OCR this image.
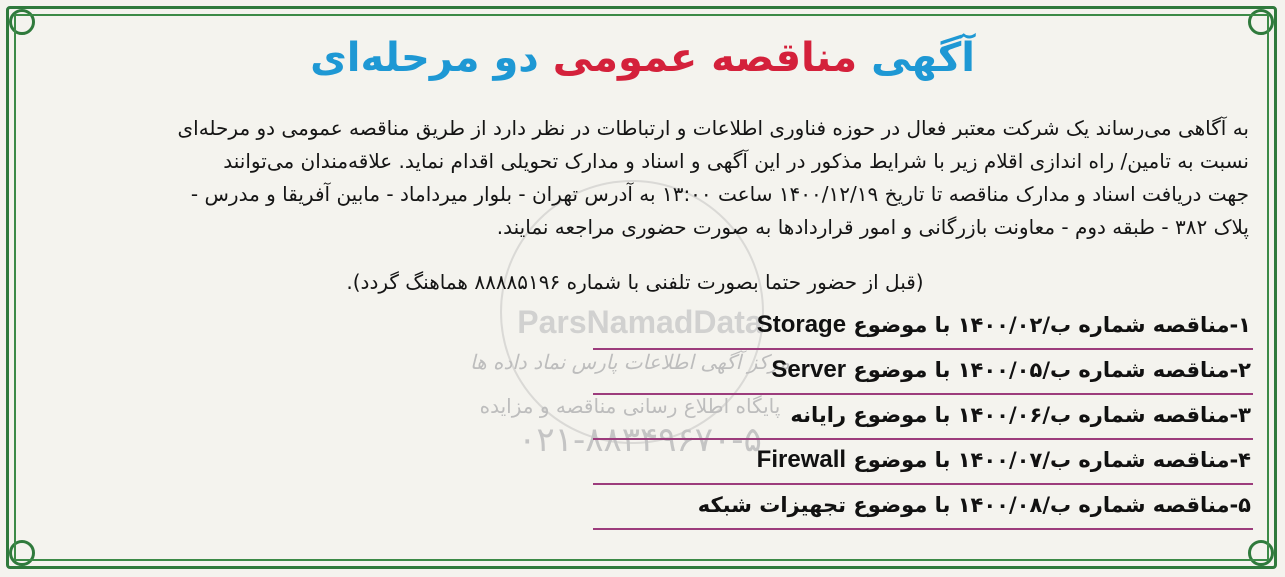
ParsNamadData
مرکز آگهی اطلاعات پارس نماد داده ها
پایگاه اطلاع رسانی مناقصه و مزایده
۰۲۱-۸۸۳۴۹۶۷۰-۵
آگهی مناقصه عمومی دو مرحله‌ای
به آگاهی می‌رساند یک شرکت معتبر فعال در حوزه فناوری اطلاعات و ارتباطات در نظر دارد از طریق مناقصه عمومی دو مرحله‌ای
نسبت به تامین/ راه اندازی اقلام زیر با شرایط مذکور در این آگهی و اسناد و مدارک تحویلی اقدام نماید. علاقه‌مندان می‌توانند
جهت دریافت اسناد و مدارک مناقصه تا تاریخ ۱۴۰۰/۱۲/۱۹ ساعت ۱۳:۰۰ به آدرس تهران - بلوار میرداماد - مابین آفریقا و مدرس -
پلاک ۳۸۲ - طبقه دوم - معاونت بازرگانی و امور قراردادها به صورت حضوری مراجعه نمایند.
(قبل از حضور حتما بصورت تلفنی با شماره ۸۸۸۸۵۱۹۶ هماهنگ گردد).
۱-مناقصه شماره ب/۱۴۰۰/۰۲ با موضوع Storage
۲-مناقصه شماره ب/۱۴۰۰/۰۵ با موضوع Server
۳-مناقصه شماره ب/۱۴۰۰/۰۶ با موضوع رایانه
۴-مناقصه شماره ب/۱۴۰۰/۰۷ با موضوع Firewall
۵-مناقصه شماره ب/۱۴۰۰/۰۸ با موضوع تجهیزات شبکه
